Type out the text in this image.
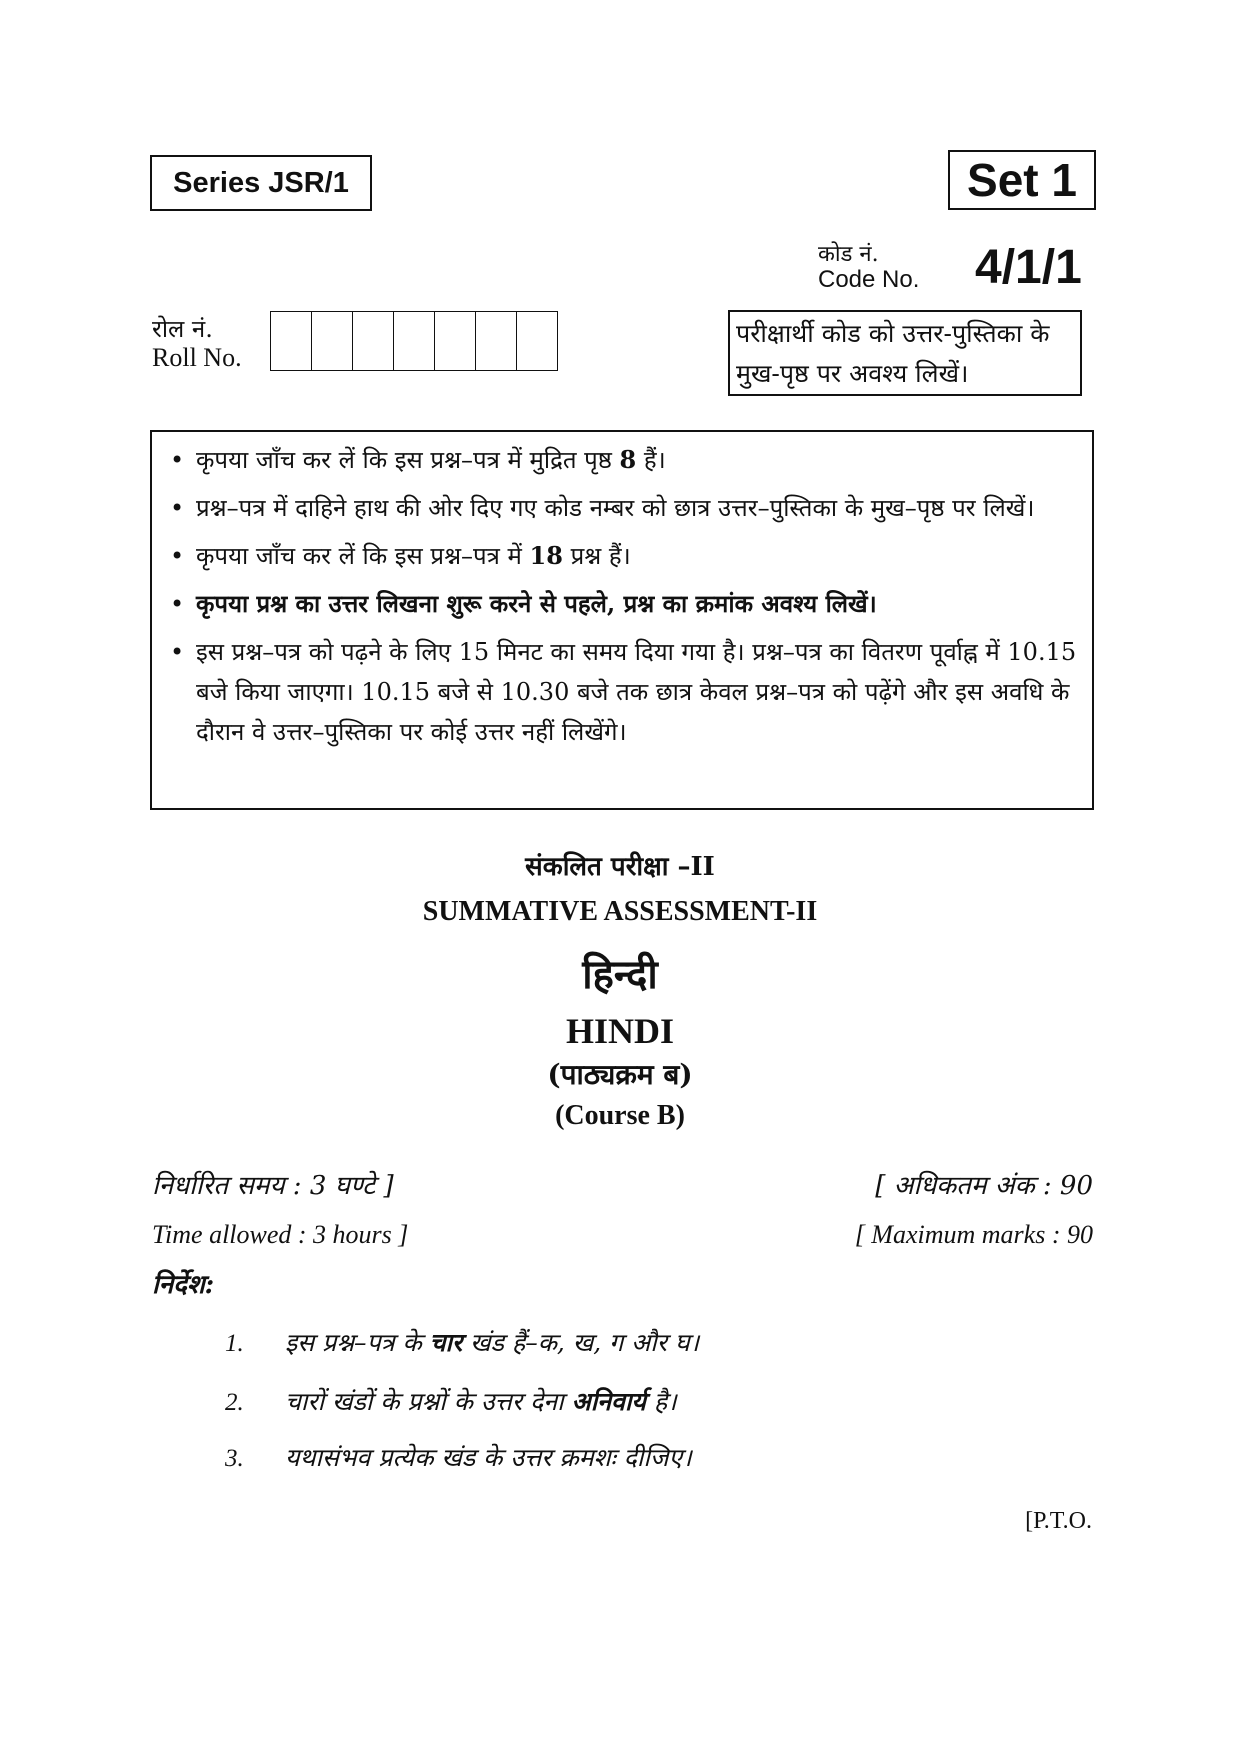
Series JSR/1	Set 1
कोड नं.
Code No. 4/1/1
रोल नं.
Roll No.
परीक्षार्थी कोड को उत्तर-पुस्तिका के
मुख-पृष्ठ पर अवश्य लिखें।
• कृपया जाँच कर लें कि इस प्रश्न–पत्र में मुद्रित पृष्ठ 8 हैं।
• प्रश्न–पत्र में दाहिने हाथ की ओर दिए गए कोड नम्बर को छात्र उत्तर–पुस्तिका के मुख–पृष्ठ पर लिखें।
• कृपया जाँच कर लें कि इस प्रश्न–पत्र में 18 प्रश्न हैं।
• कृपया प्रश्न का उत्तर लिखना शुरू करने से पहले, प्रश्न का क्रमांक अवश्य लिखें।
• इस प्रश्न–पत्र को पढ़ने के लिए 15 मिनट का समय दिया गया है। प्रश्न–पत्र का वितरण पूर्वाह्न में 10.15 बजे किया जाएगा। 10.15 बजे से 10.30 बजे तक छात्र केवल प्रश्न–पत्र को पढ़ेंगे और इस अवधि के दौरान वे उत्तर–पुस्तिका पर कोई उत्तर नहीं लिखेंगे।
संकलित परीक्षा –II
SUMMATIVE ASSESSMENT-II
हिन्दी
HINDI
(पाठ्यक्रम ब)
(Course B)
निर्धारित समय : 3 घण्टे ]	[ अधिकतम अंक : 90
Time allowed : 3 hours ]	[ Maximum marks : 90
निर्देश:
1. इस प्रश्न–पत्र के चार खंड हैं–क, ख, ग और घ।
2. चारों खंडों के प्रश्नों के उत्तर देना अनिवार्य है।
3. यथासंभव प्रत्येक खंड के उत्तर क्रमशः दीजिए।
[P.T.O.
